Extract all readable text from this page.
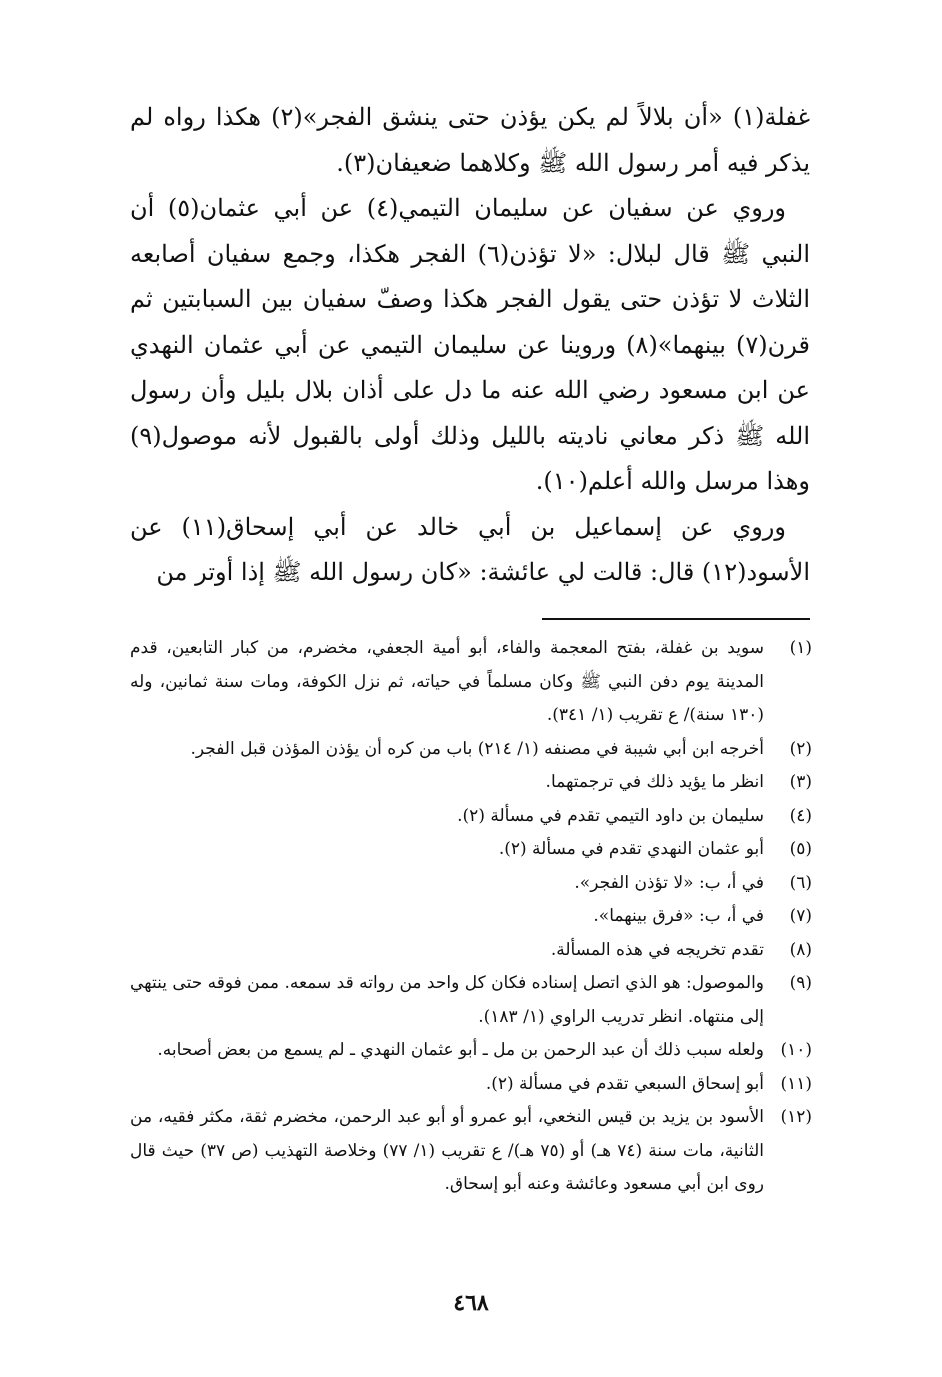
غفلة(١) «أن بلالاً لم يكن يؤذن حتى ينشق الفجر»(٢) هكذا رواه لم يذكر فيه أمر رسول الله ﷺ وكلاهما ضعيفان(٣).

وروي عن سفيان عن سليمان التيمي(٤) عن أبي عثمان(٥) أن النبي ﷺ قال لبلال: «لا تؤذن(٦) الفجر هكذا، وجمع سفيان أصابعه الثلاث لا تؤذن حتى يقول الفجر هكذا وصفّ سفيان بين السبابتين ثم قرن(٧) بينهما»(٨) وروينا عن سليمان التيمي عن أبي عثمان النهدي عن ابن مسعود رضي الله عنه ما دل على أذان بلال بليل وأن رسول الله ﷺ ذكر معاني ناديته بالليل وذلك أولى بالقبول لأنه موصول(٩) وهذا مرسل والله أعلم(١٠).

وروي عن إسماعيل بن أبي خالد عن أبي إسحاق(١١) عن الأسود(١٢) قال: قالت لي عائشة: «كان رسول الله ﷺ إذا أوتر من

(١)
سويد بن غفلة، بفتح المعجمة والفاء، أبو أمية الجعفي، مخضرم، من كبار التابعين، قدم المدينة يوم دفن النبي ﷺ وكان مسلماً في حياته، ثم نزل الكوفة، ومات سنة ثمانين، وله (١٣٠ سنة)/ ع تقريب (١/ ٣٤١).
(٢)
أخرجه ابن أبي شيبة في مصنفه (١/ ٢١٤) باب من كره أن يؤذن المؤذن قبل الفجر.
(٣)
انظر ما يؤيد ذلك في ترجمتهما.
(٤)
سليمان بن داود التيمي تقدم في مسألة (٢).
(٥)
أبو عثمان النهدي تقدم في مسألة (٢).
(٦)
في أ، ب: «لا تؤذن الفجر».
(٧)
في أ، ب: «فرق بينهما».
(٨)
تقدم تخريجه في هذه المسألة.
(٩)
والموصول: هو الذي اتصل إسناده فكان كل واحد من رواته قد سمعه. ممن فوقه حتى ينتهي إلى منتهاه. انظر تدريب الراوي (١/ ١٨٣).
(١٠)
ولعله سبب ذلك أن عبد الرحمن بن مل ـ أبو عثمان النهدي ـ لم يسمع من بعض أصحابه.
(١١)
أبو إسحاق السبعي تقدم في مسألة (٢).
(١٢)
الأسود بن يزيد بن قيس النخعي، أبو عمرو أو أبو عبد الرحمن، مخضرم ثقة، مكثر فقيه، من الثانية، مات سنة (٧٤ هـ) أو (٧٥ هـ)/ ع تقريب (١/ ٧٧) وخلاصة التهذيب (ص ٣٧) حيث قال روى ابن أبي مسعود وعائشة وعنه أبو إسحاق.
٤٦٨
